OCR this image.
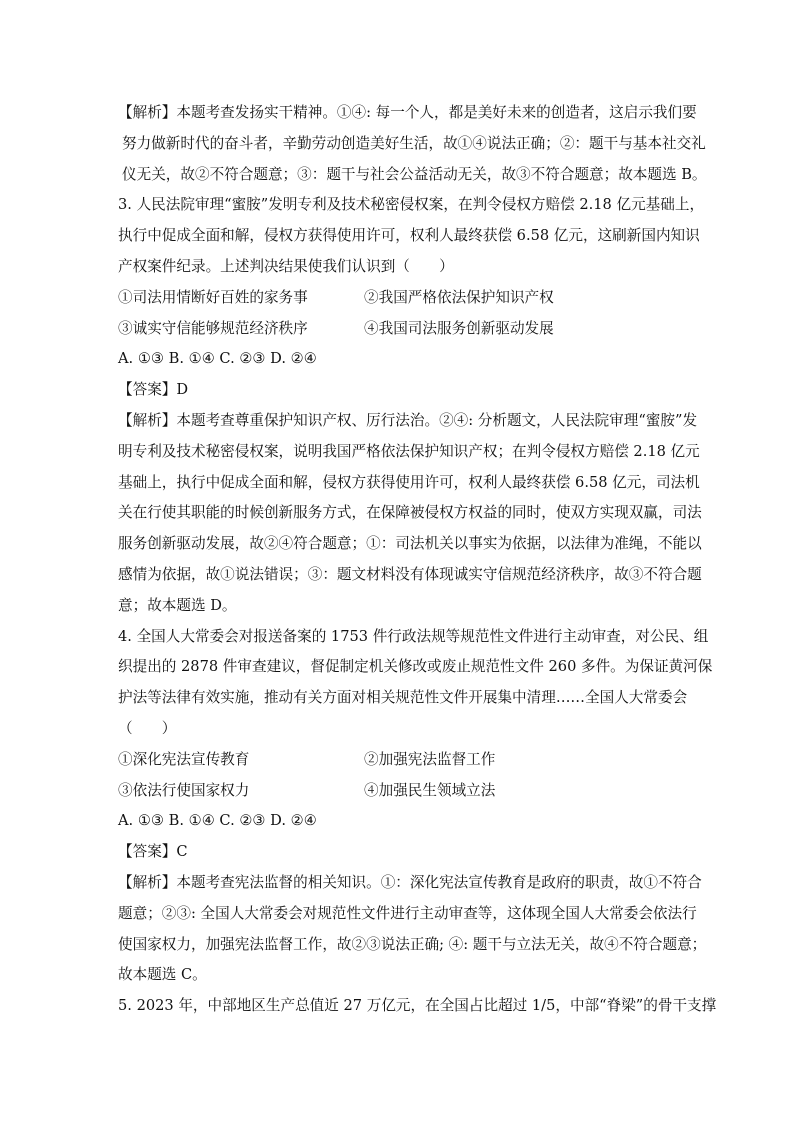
【解析】本题考查发扬实干精神。①④: 每一个人，都是美好未来的创造者，这启示我们要
努力做新时代的奋斗者，辛勤劳动创造美好生活，故①④说法正确；②：题干与基本社交礼
仪无关，故②不符合题意；③：题干与社会公益活动无关，故③不符合题意；故本题选 B。
3. 人民法院审理“蜜胺”发明专利及技术秘密侵权案，在判令侵权方赔偿 2.18 亿元基础上，
执行中促成全面和解，侵权方获得使用许可，权利人最终获偿 6.58 亿元，这刷新国内知识
产权案件纪录。上述判决结果使我们认识到（　　）
①司法用情断好百姓的家务事	②我国严格依法保护知识产权
③诚实守信能够规范经济秩序	④我国司法服务创新驱动发展
A. ①③ B. ①④ C. ②③ D. ②④
【答案】D
【解析】本题考查尊重保护知识产权、厉行法治。②④: 分析题文，人民法院审理“蜜胺”发
明专利及技术秘密侵权案，说明我国严格依法保护知识产权；在判令侵权方赔偿 2.18 亿元
基础上，执行中促成全面和解，侵权方获得使用许可，权利人最终获偿 6.58 亿元，司法机
关在行使其职能的时候创新服务方式，在保障被侵权方权益的同时，使双方实现双赢，司法
服务创新驱动发展，故②④符合题意；①：司法机关以事实为依据，以法律为准绳，不能以
感情为依据，故①说法错误；③：题文材料没有体现诚实守信规范经济秩序，故③不符合题
意；故本题选 D。
4. 全国人大常委会对报送备案的 1753 件行政法规等规范性文件进行主动审查，对公民、组
织提出的 2878 件审查建议，督促制定机关修改或废止规范性文件 260 多件。为保证黄河保
护法等法律有效实施，推动有关方面对相关规范性文件开展集中清理……全国人大常委会
（　　）
①深化宪法宣传教育	②加强宪法监督工作
③依法行使国家权力	④加强民生领域立法
A. ①③ B. ①④ C. ②③ D. ②④
【答案】C
【解析】本题考查宪法监督的相关知识。①：深化宪法宣传教育是政府的职责，故①不符合
题意；②③: 全国人大常委会对规范性文件进行主动审查等，这体现全国人大常委会依法行
使国家权力，加强宪法监督工作，故②③说法正确; ④: 题干与立法无关，故④不符合题意；
故本题选 C。
5. 2023 年，中部地区生产总值近 27 万亿元，在全国占比超过 1/5，中部“脊梁”的骨干支撑
